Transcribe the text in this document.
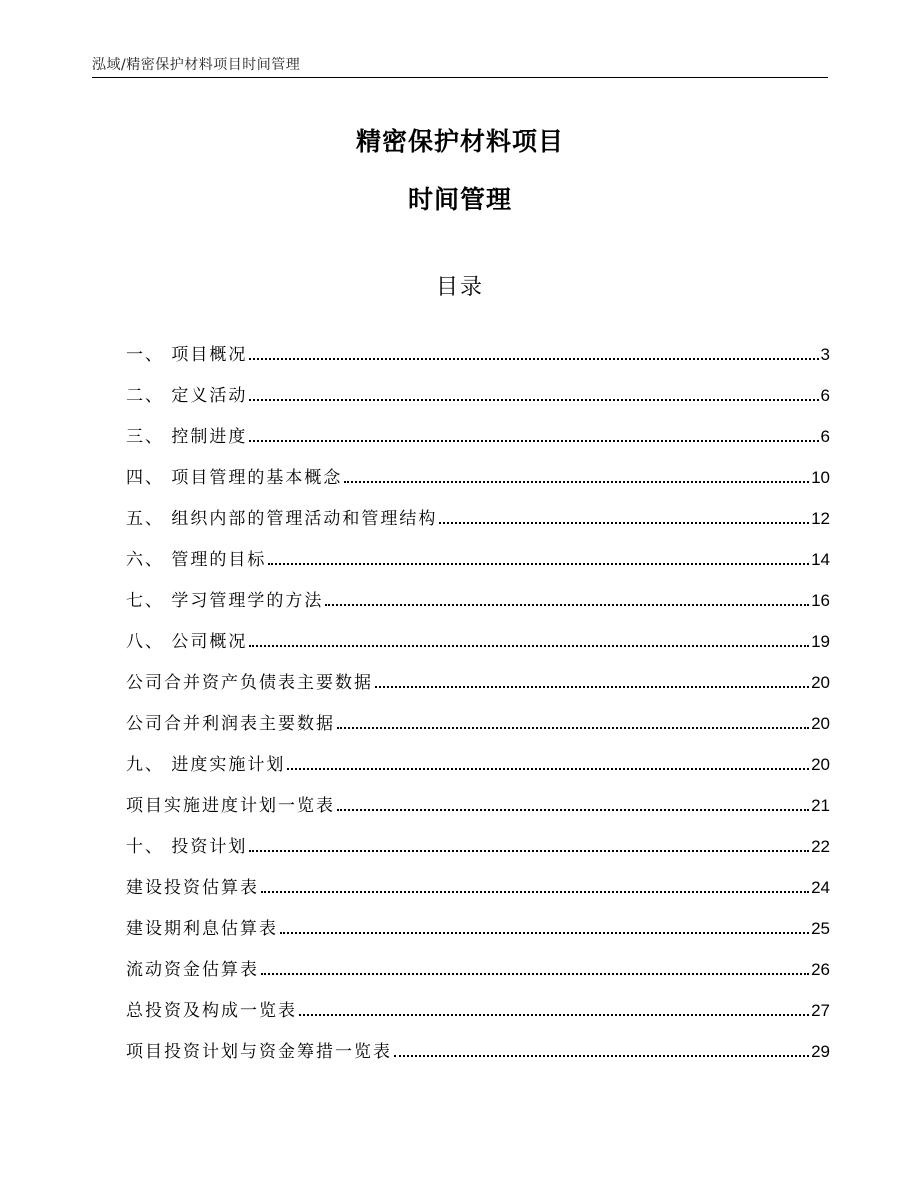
泓域/精密保护材料项目时间管理
精密保护材料项目
时间管理
目录
一、 项目概况	3
二、 定义活动	6
三、 控制进度	6
四、 项目管理的基本概念	10
五、 组织内部的管理活动和管理结构	12
六、 管理的目标	14
七、 学习管理学的方法	16
八、 公司概况	19
公司合并资产负债表主要数据	20
公司合并利润表主要数据	20
九、 进度实施计划	20
项目实施进度计划一览表	21
十、 投资计划	22
建设投资估算表	24
建设期利息估算表	25
流动资金估算表	26
总投资及构成一览表	27
项目投资计划与资金筹措一览表	29
